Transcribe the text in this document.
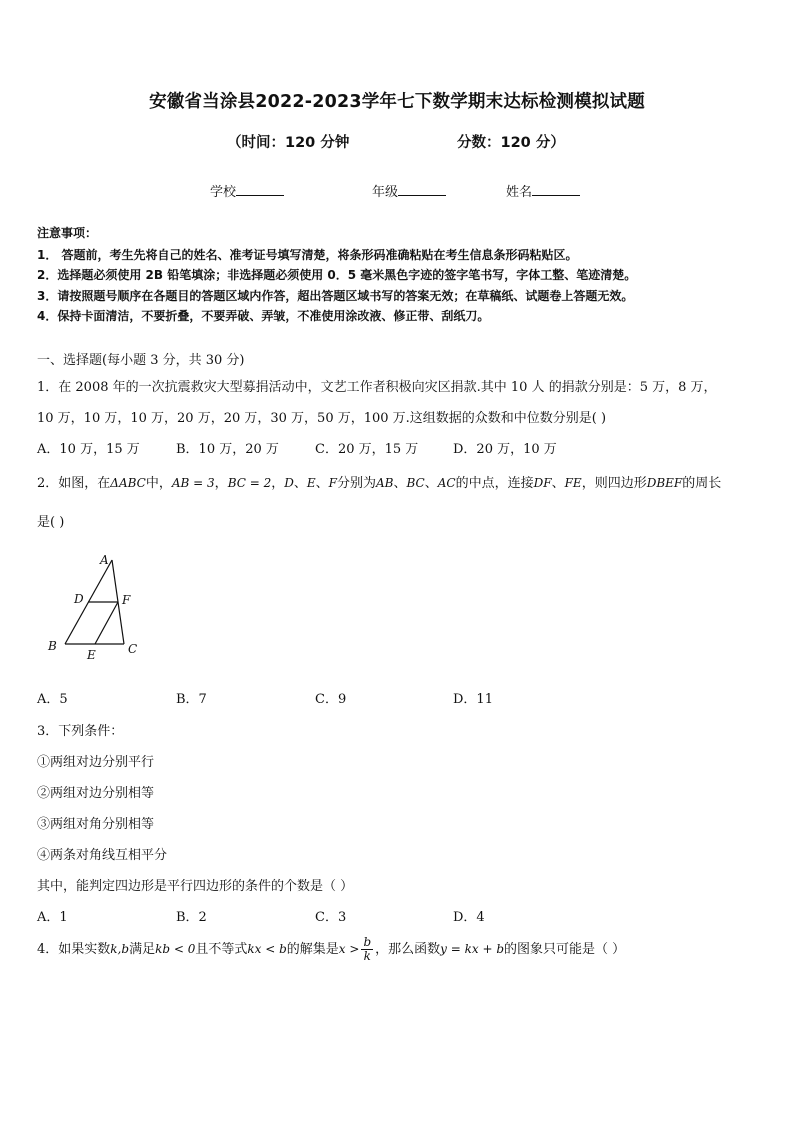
安徽省当涂县2022-2023学年七下数学期末达标检测模拟试题
（时间：120 分钟	分数：120 分）
学校	年级	姓名
注意事项：
1． 答题前，考生先将自己的姓名、准考证号填写清楚，将条形码准确粘贴在考生信息条形码粘贴区。
2．选择题必须使用 2B 铅笔填涂；非选择题必须使用 0．5 毫米黑色字迹的签字笔书写，字体工整、笔迹清楚。
3．请按照题号顺序在各题目的答题区域内作答，超出答题区域书写的答案无效；在草稿纸、试题卷上答题无效。
4．保持卡面清洁，不要折叠，不要弄破、弄皱，不准使用涂改液、修正带、刮纸刀。
一、选择题(每小题 3 分，共 30 分)
1．在 2008 年的一次抗震救灾大型募捐活动中，文艺工作者积极向灾区捐款.其中 10 人 的捐款分别是：5 万，8 万，
10 万，10 万，10 万，20 万，20 万，30 万，50 万，100 万.这组数据的众数和中位数分别是( )
A．10 万，15 万	B．10 万，20 万	C．20 万，15 万	D．20 万，10 万
2．如图，在ΔABC中，AB = 3，BC = 2，D、E、F分别为AB、BC、AC的中点，连接DF、FE，则四边形DBEF的周长
是( )
A
D	F
B
E	C
A．5	B．7	C．9	D．11
3．下列条件：
①两组对边分别平行
②两组对边分别相等
③两组对角分别相等
④两条对角线互相平分
其中，能判定四边形是平行四边形的条件的个数是（ ）
A．1	B．2	C．3	D．4
4．如果实数k,b满足kb < 0且不等式kx < b的解集是$x > \frac{b}{k}$ ，那么函数y = kx + b的图象只可能是（ ）
